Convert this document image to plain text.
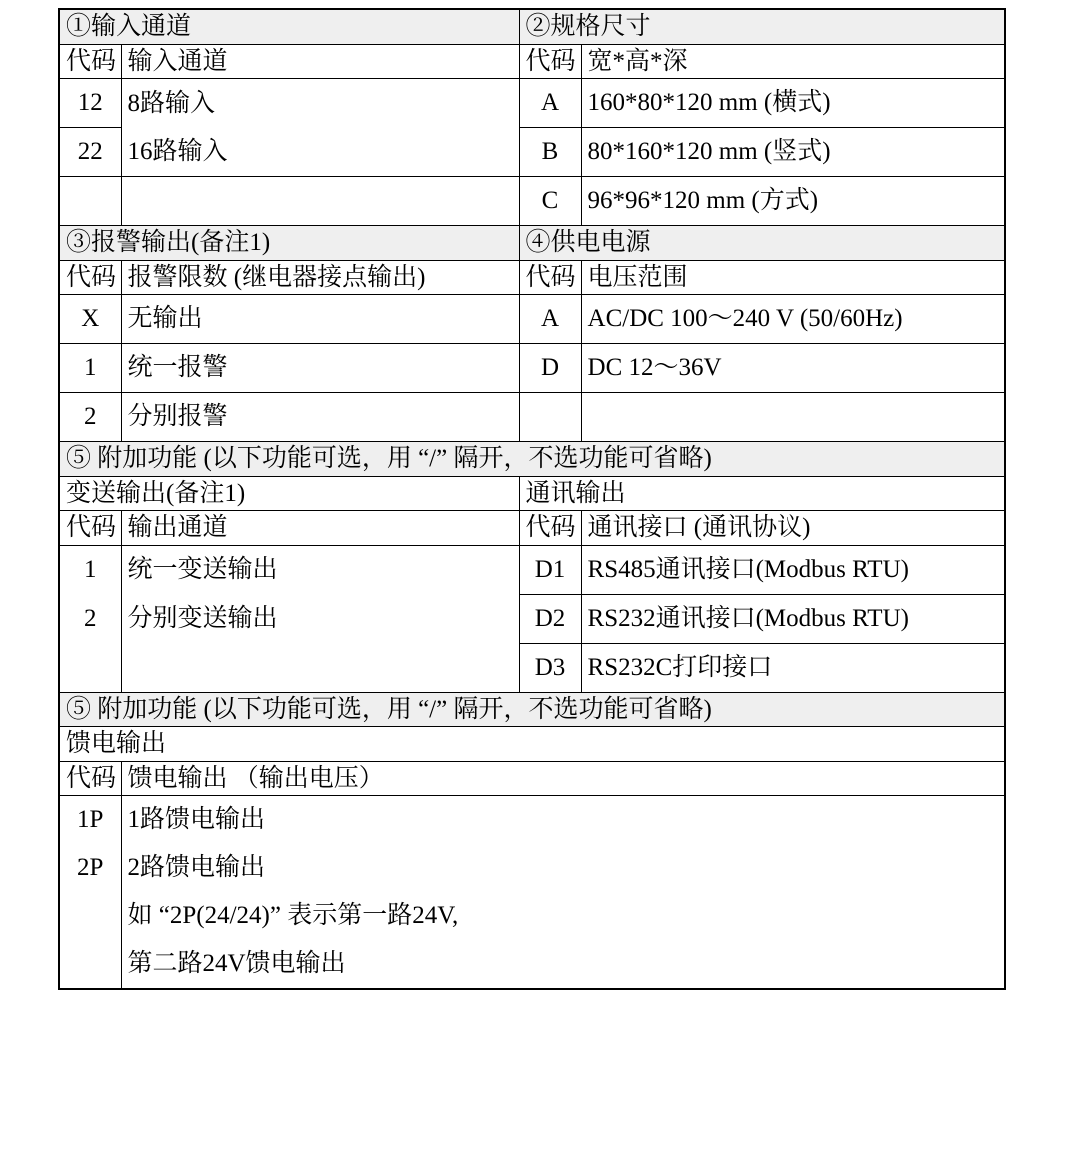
①输入通道		②规格尺寸	
代码	输入通道	代码	宽*高*深
12	8路输入	A	160*80*120 mm (横式)
22	16路输入	B	80*160*120 mm (竖式)
		C	96*96*120 mm (方式)
③报警输出(备注1)		④供电电源	
代码	报警限数 (继电器接点输出)	代码	电压范围
X	无输出	A	AC/DC 100～240 V (50/60Hz)
1	统一报警	D	DC 12～36V
2	分别报警		
⑤ 附加功能 (以下功能可选，用 “/” 隔开，不选功能可省略)			
变送输出(备注1)		通讯输出	
代码	输出通道	代码	通讯接口 (通讯协议)
1	统一变送输出	D1	RS485通讯接口(Modbus RTU)
2	分别变送输出	D2	RS232通讯接口(Modbus RTU)
		D3	RS232C打印接口
⑤ 附加功能 (以下功能可选，用 “/” 隔开，不选功能可省略)			
馈电输出			
代码	馈电输出 （输出电压）		
1P	1路馈电输出		
2P	2路馈电输出		
	如 “2P(24/24)” 表示第一路24V,		
	第二路24V馈电输出		
